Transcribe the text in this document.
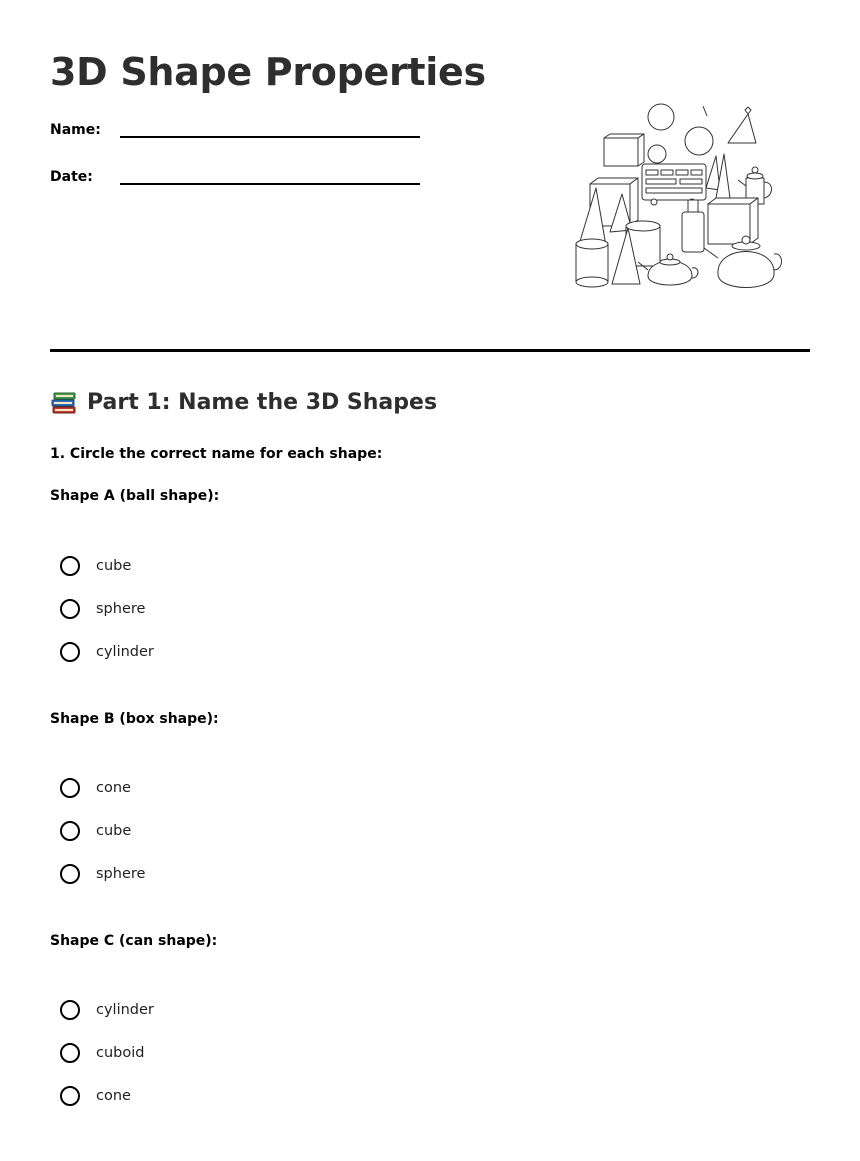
3D Shape Properties
Name:
Date:
Part 1: Name the 3D Shapes
1. Circle the correct name for each shape:
Shape A (ball shape):
cube
sphere
cylinder
Shape B (box shape):
cone
cube
sphere
Shape C (can shape):
cylinder
cuboid
cone
